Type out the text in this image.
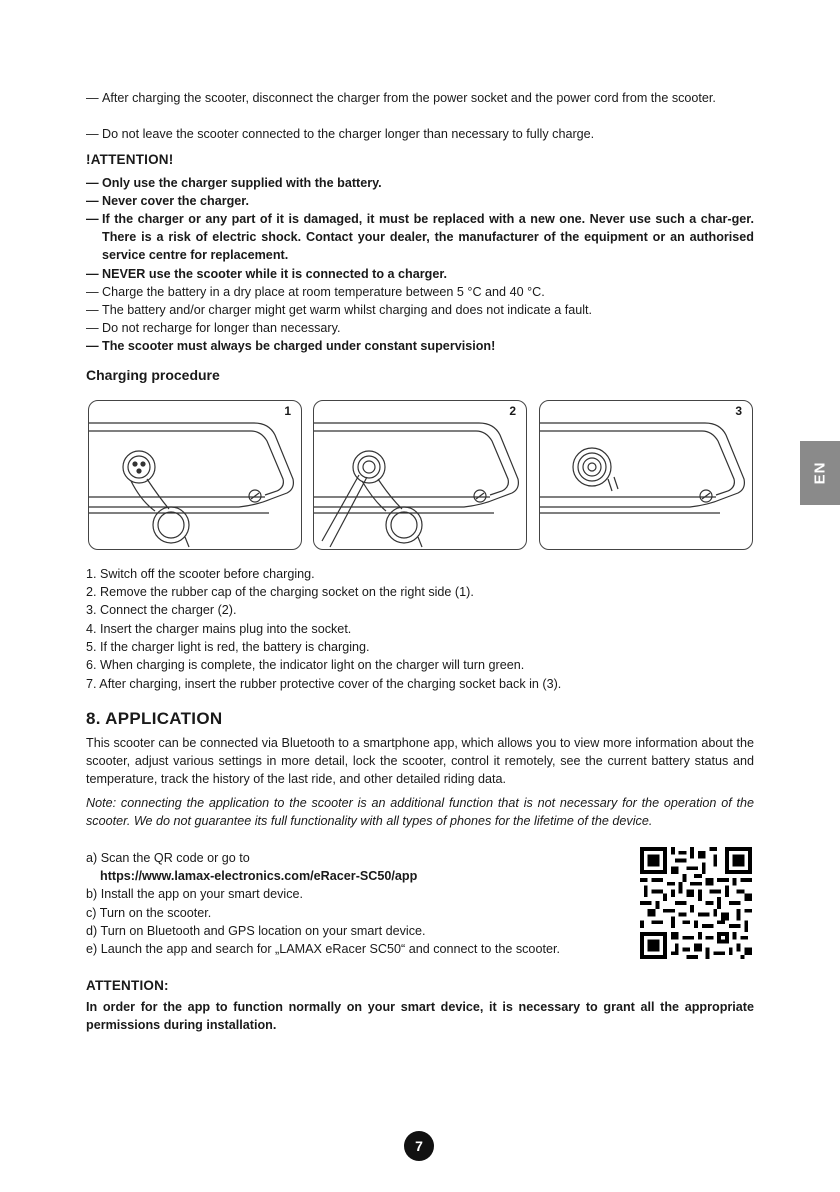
— After charging the scooter, disconnect the charger from the power socket and the power cord from the scooter.
— Do not leave the scooter connected to the charger longer than necessary to fully charge.
!ATTENTION!
— Only use the charger supplied with the battery.
— Never cover the charger.
— If the charger or any part of it is damaged, it must be replaced with a new one. Never use such a char-ger. There is a risk of electric shock. Contact your dealer, the manufacturer of the equipment or an authorised service centre for replacement.
— NEVER use the scooter while it is connected to a charger.
— Charge the battery in a dry place at room temperature between 5 °C and 40 °C.
— The battery and/or charger might get warm whilst charging and does not indicate a fault.
— Do not recharge for longer than necessary.
— The scooter must always be charged under constant supervision!
Charging procedure
1	2	3
1. Switch off the scooter before charging.
2. Remove the rubber cap of the charging socket on the right side (1).
3. Connect the charger (2).
4. Insert the charger mains plug into the socket.
5. If the charger light is red, the battery is charging.
6. When charging is complete, the indicator light on the charger will turn green.
7. After charging, insert the rubber protective cover of the charging socket back in (3).
8. APPLICATION
This scooter can be connected via Bluetooth to a smartphone app, which allows you to view more information about the scooter, adjust various settings in more detail, lock the scooter, control it remotely, see the current battery status and temperature, track the history of the last ride, and other detailed riding data.
Note: connecting the application to the scooter is an additional function that is not necessary for the operation of the scooter. We do not guarantee its full functionality with all types of phones for the lifetime of the device.
a) Scan the QR code or go to
https://www.lamax-electronics.com/eRacer-SC50/app
b) Install the app on your smart device.
c) Turn on the scooter.
d) Turn on Bluetooth and GPS location on your smart device.
e) Launch the app and search for „LAMAX eRacer SC50“ and connect to the scooter.
ATTENTION:
In order for the app to function normally on your smart device, it is necessary to grant all the appropriate permissions during installation.
EN
7
